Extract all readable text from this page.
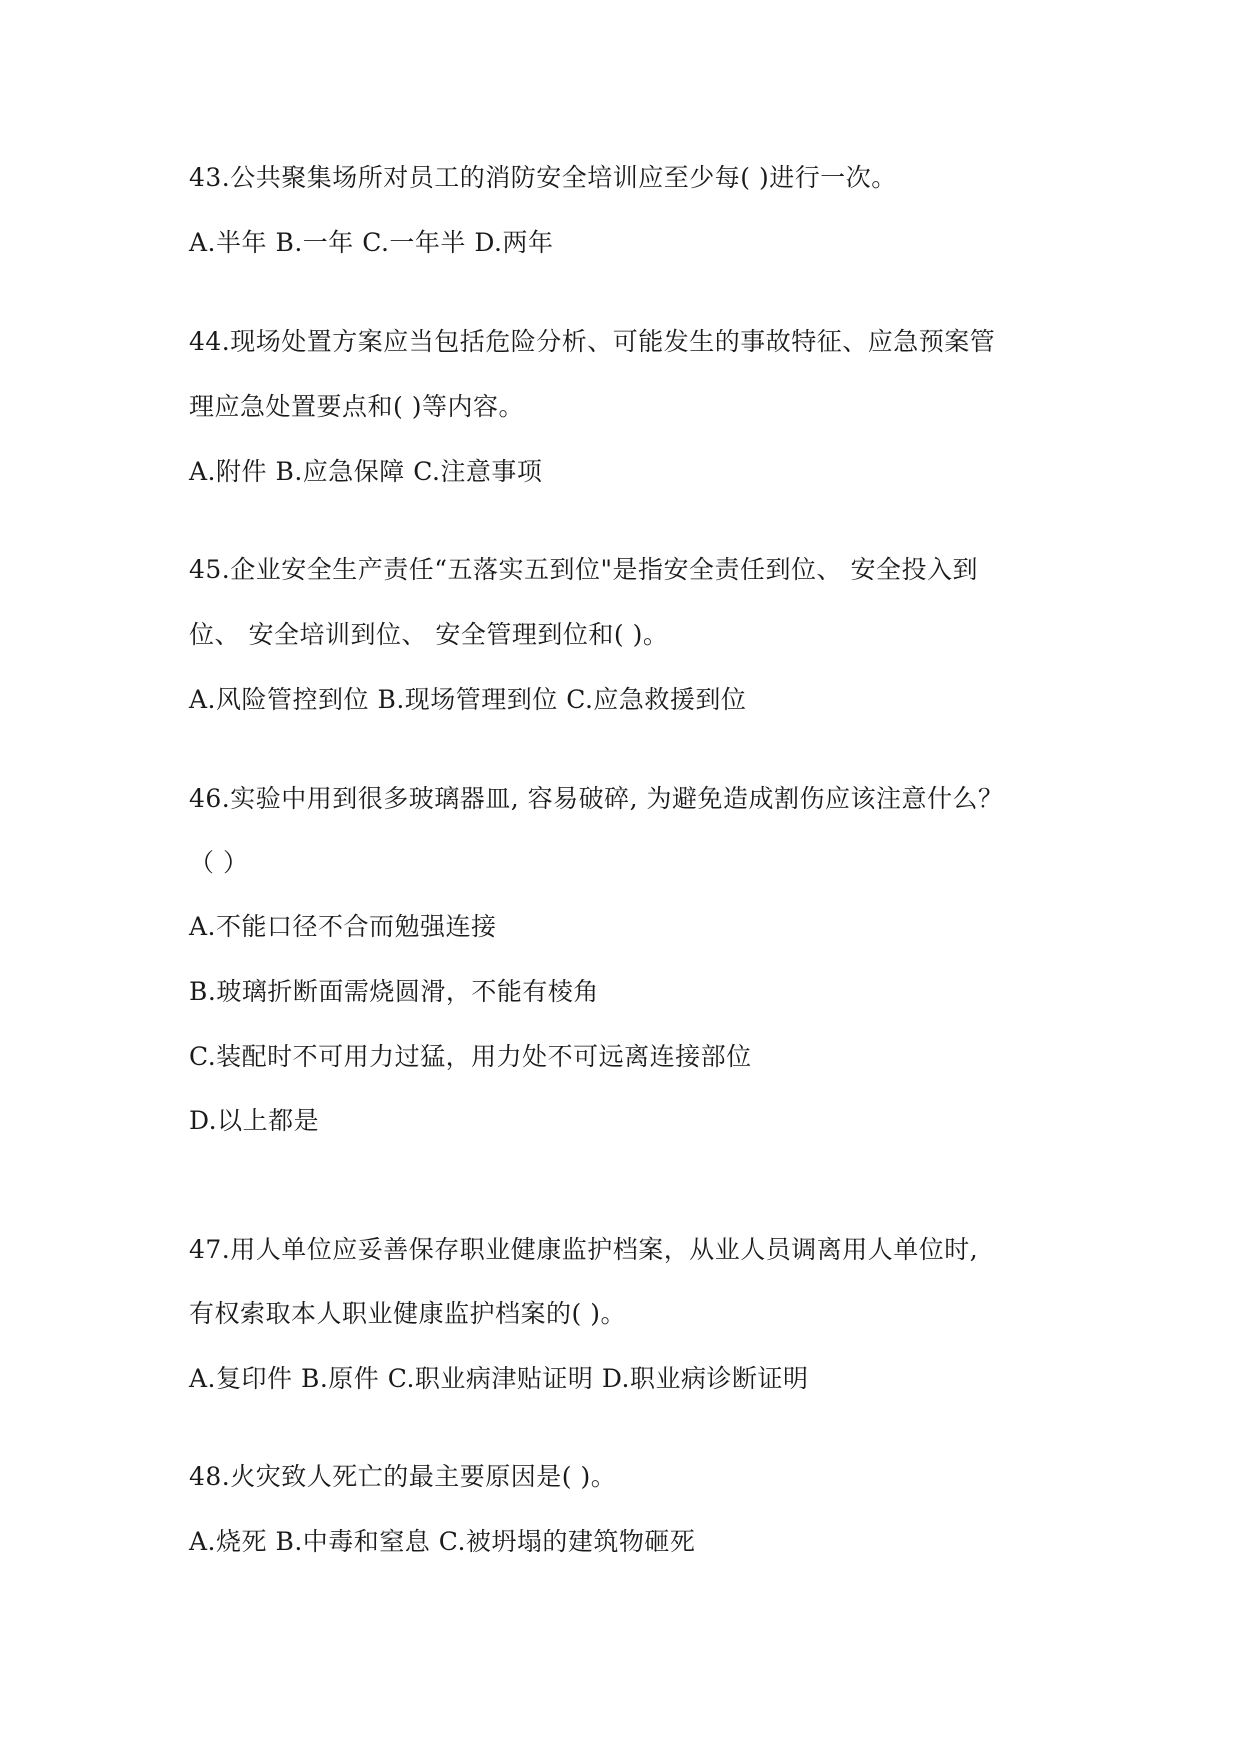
43.公共聚集场所对员工的消防安全培训应至少每( )进行一次。
A.半年 B.一年 C.一年半 D.两年
44.现场处置方案应当包括危险分析、可能发生的事故特征、应急预案管
理应急处置要点和( )等内容。
A.附件 B.应急保障 C.注意事项
45.企业安全生产责任“五落实五到位"是指安全责任到位、 安全投入到
位、 安全培训到位、 安全管理到位和( )。
A.风险管控到位 B.现场管理到位 C.应急救援到位
46.实验中用到很多玻璃器皿, 容易破碎, 为避免造成割伤应该注意什么？
（ ）
A.不能口径不合而勉强连接
B.玻璃折断面需烧圆滑，不能有棱角
C.装配时不可用力过猛，用力处不可远离连接部位
D.以上都是
47.用人单位应妥善保存职业健康监护档案，从业人员调离用人单位时,
有权索取本人职业健康监护档案的( )。
A.复印件 B.原件 C.职业病津贴证明 D.职业病诊断证明
48.火灾致人死亡的最主要原因是( )。
A.烧死 B.中毒和窒息 C.被坍塌的建筑物砸死
